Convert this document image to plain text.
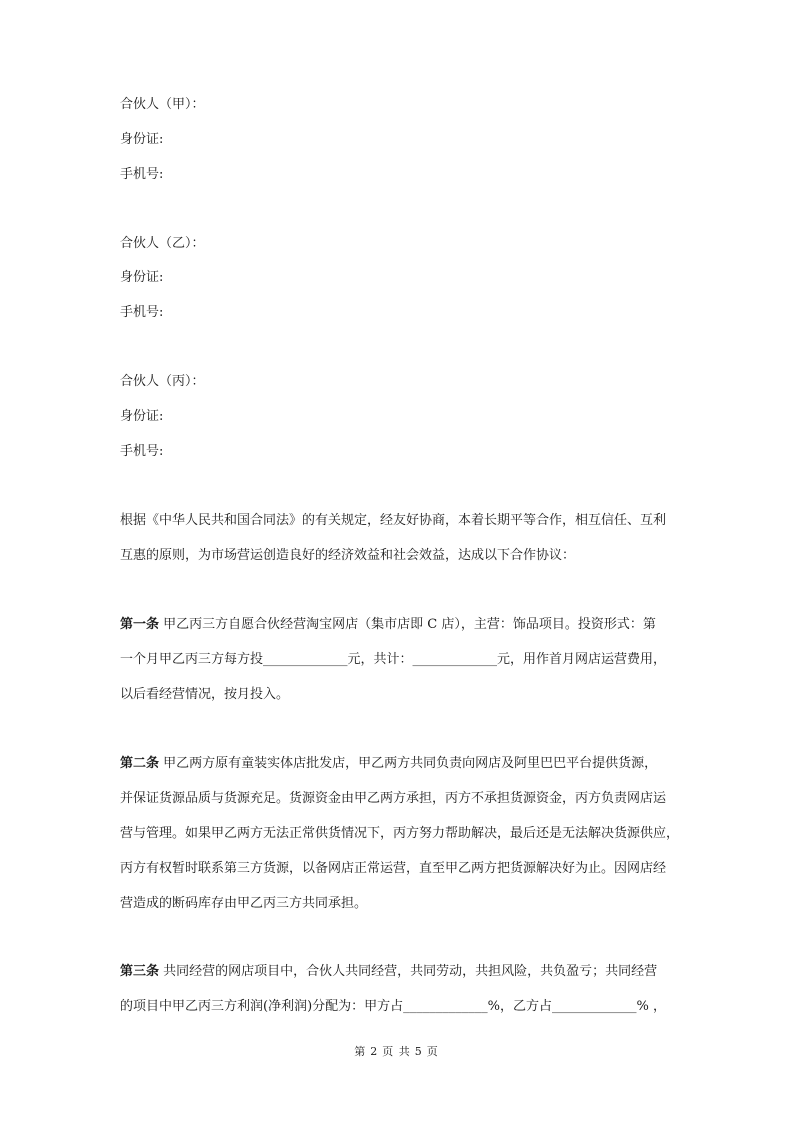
合伙人（甲）：
身份证:
手机号:
合伙人（乙）：
身份证:
手机号:
合伙人（丙）：
身份证:
手机号:
根据《中华人民共和国合同法》的有关规定，经友好协商，本着长期平等合作，相互信任、互利
互惠的原则，为市场营运创造良好的经济效益和社会效益，达成以下合作协议：
第一条 甲乙丙三方自愿合伙经营淘宝网店（集市店即 C 店），主营：饰品项目。投资形式：第
一个月甲乙丙三方每方投_____________元，共计：_____________元，用作首月网店运营费用，
以后看经营情况，按月投入。
第二条 甲乙两方原有童装实体店批发店，甲乙两方共同负责向网店及阿里巴巴平台提供货源，
并保证货源品质与货源充足。货源资金由甲乙两方承担，丙方不承担货源资金，丙方负责网店运
营与管理。如果甲乙两方无法正常供货情况下，丙方努力帮助解决，最后还是无法解决货源供应，
丙方有权暂时联系第三方货源，以备网店正常运营，直至甲乙两方把货源解决好为止。因网店经
营造成的断码库存由甲乙丙三方共同承担。
第三条 共同经营的网店项目中，合伙人共同经营，共同劳动，共担风险，共负盈亏；共同经营
的项目中甲乙丙三方利润(净利润)分配为：甲方占_____________%，乙方占_____________% ，
第 2 页 共 5 页
